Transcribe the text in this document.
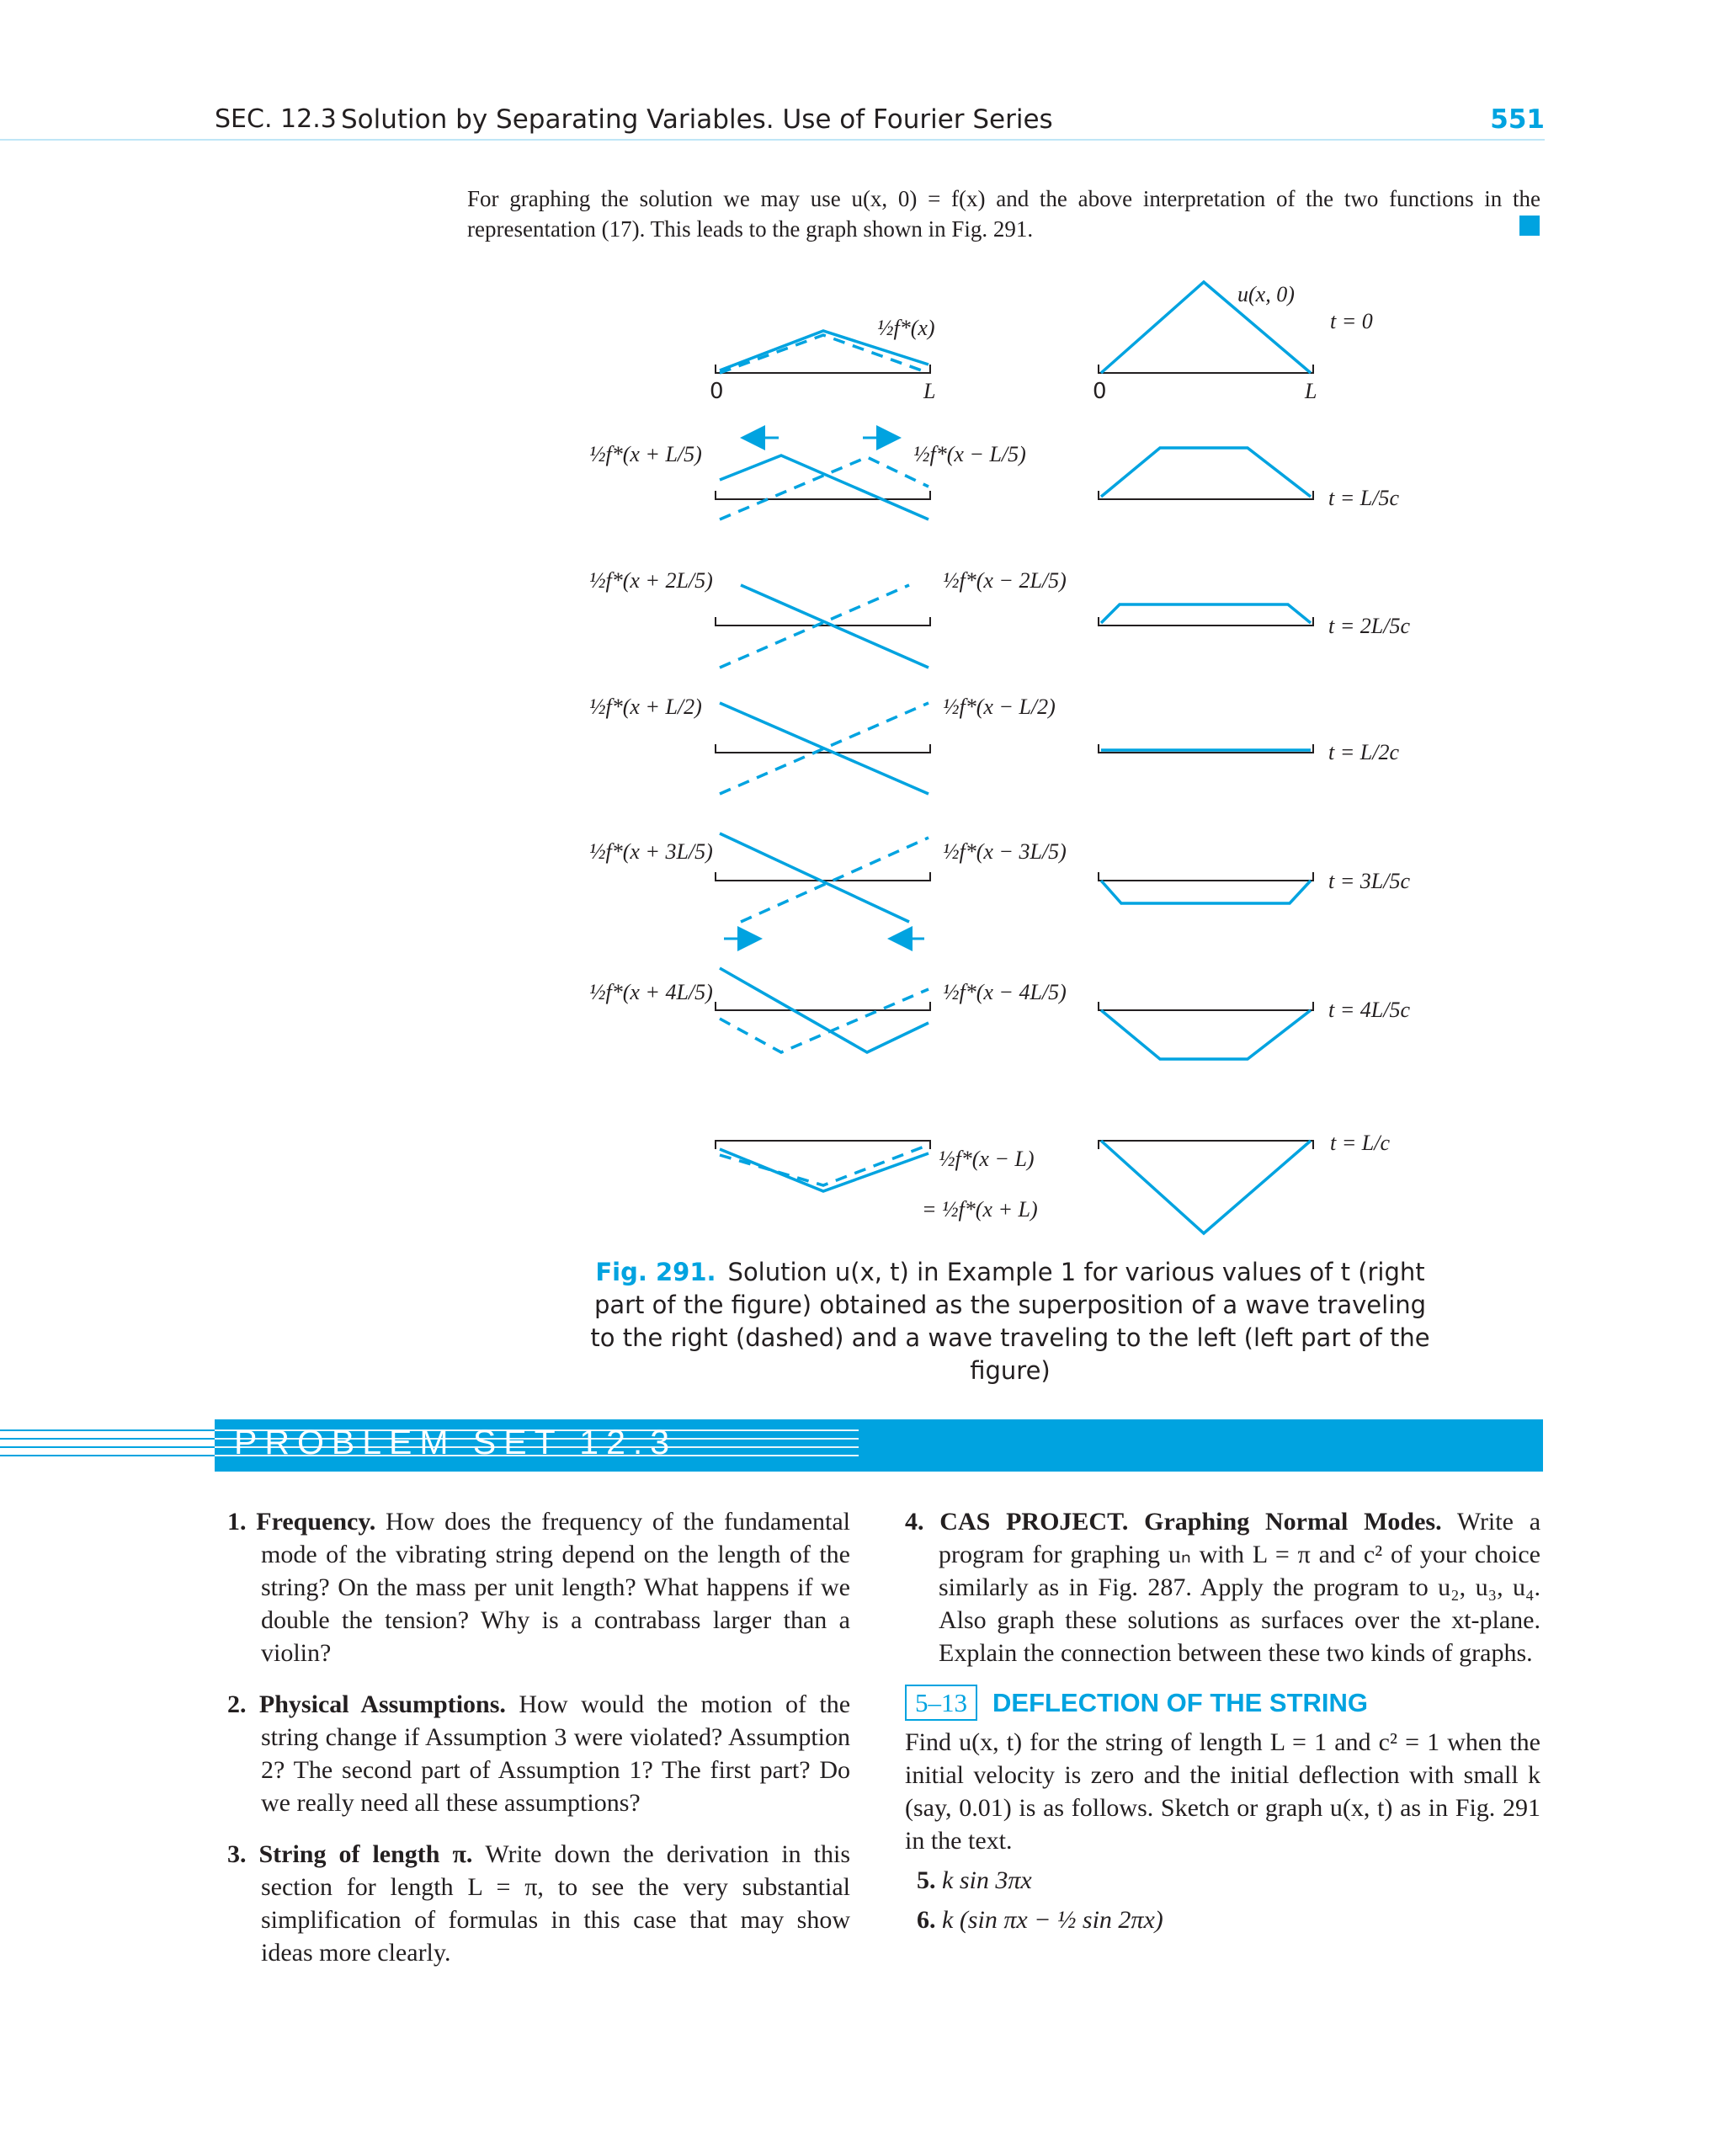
SEC. 12.3 Solution by Separating Variables. Use of Fourier Series	551
For graphing the solution we may use u(x, 0) = f(x) and the above interpretation of the two functions in the representation (17). This leads to the graph shown in Fig. 291.
½f*(x)
0	L
u(x, 0)
0	L
½f*(x + L/5)	½f*(x − L/5)
½f*(x + 2L/5)	½f*(x − 2L/5)
½f*(x + L/2)	½f*(x − L/2)
½f*(x + 3L/5)	½f*(x − 3L/5)
½f*(x + 4L/5)	½f*(x − 4L/5)
½f*(x − L)
= ½f*(x + L)
t = 0
t = L/5c
t = 2L/5c
t = L/2c
t = 3L/5c
t = 4L/5c
t = L/c
Fig. 291. Solution u(x, t) in Example 1 for various values of t (right part of the figure) obtained as the superposition of a wave traveling to the right (dashed) and a wave traveling to the left (left part of the figure)
PROBLEM SET 12.3

1. Frequency. How does the frequency of the fundamental mode of the vibrating string depend on the length of the string? On the mass per unit length? What happens if we double the tension? Why is a contrabass larger than a violin?

2. Physical Assumptions. How would the motion of the string change if Assumption 3 were violated? Assumption 2? The second part of Assumption 1? The first part? Do we really need all these assumptions?

3. String of length π. Write down the derivation in this section for length L = π, to see the very substantial simplification of formulas in this case that may show ideas more clearly.

4. CAS PROJECT. Graphing Normal Modes. Write a program for graphing uₙ with L = π and c² of your choice similarly as in Fig. 287. Apply the program to u₂, u₃, u₄. Also graph these solutions as surfaces over the xt-plane. Explain the connection between these two kinds of graphs.

5–13 DEFLECTION OF THE STRING
Find u(x, t) for the string of length L = 1 and c² = 1 when the initial velocity is zero and the initial deflection with small k (say, 0.01) is as follows. Sketch or graph u(x, t) as in Fig. 291 in the text.
5. k sin 3πx
6. k (sin πx − ½ sin 2πx)
